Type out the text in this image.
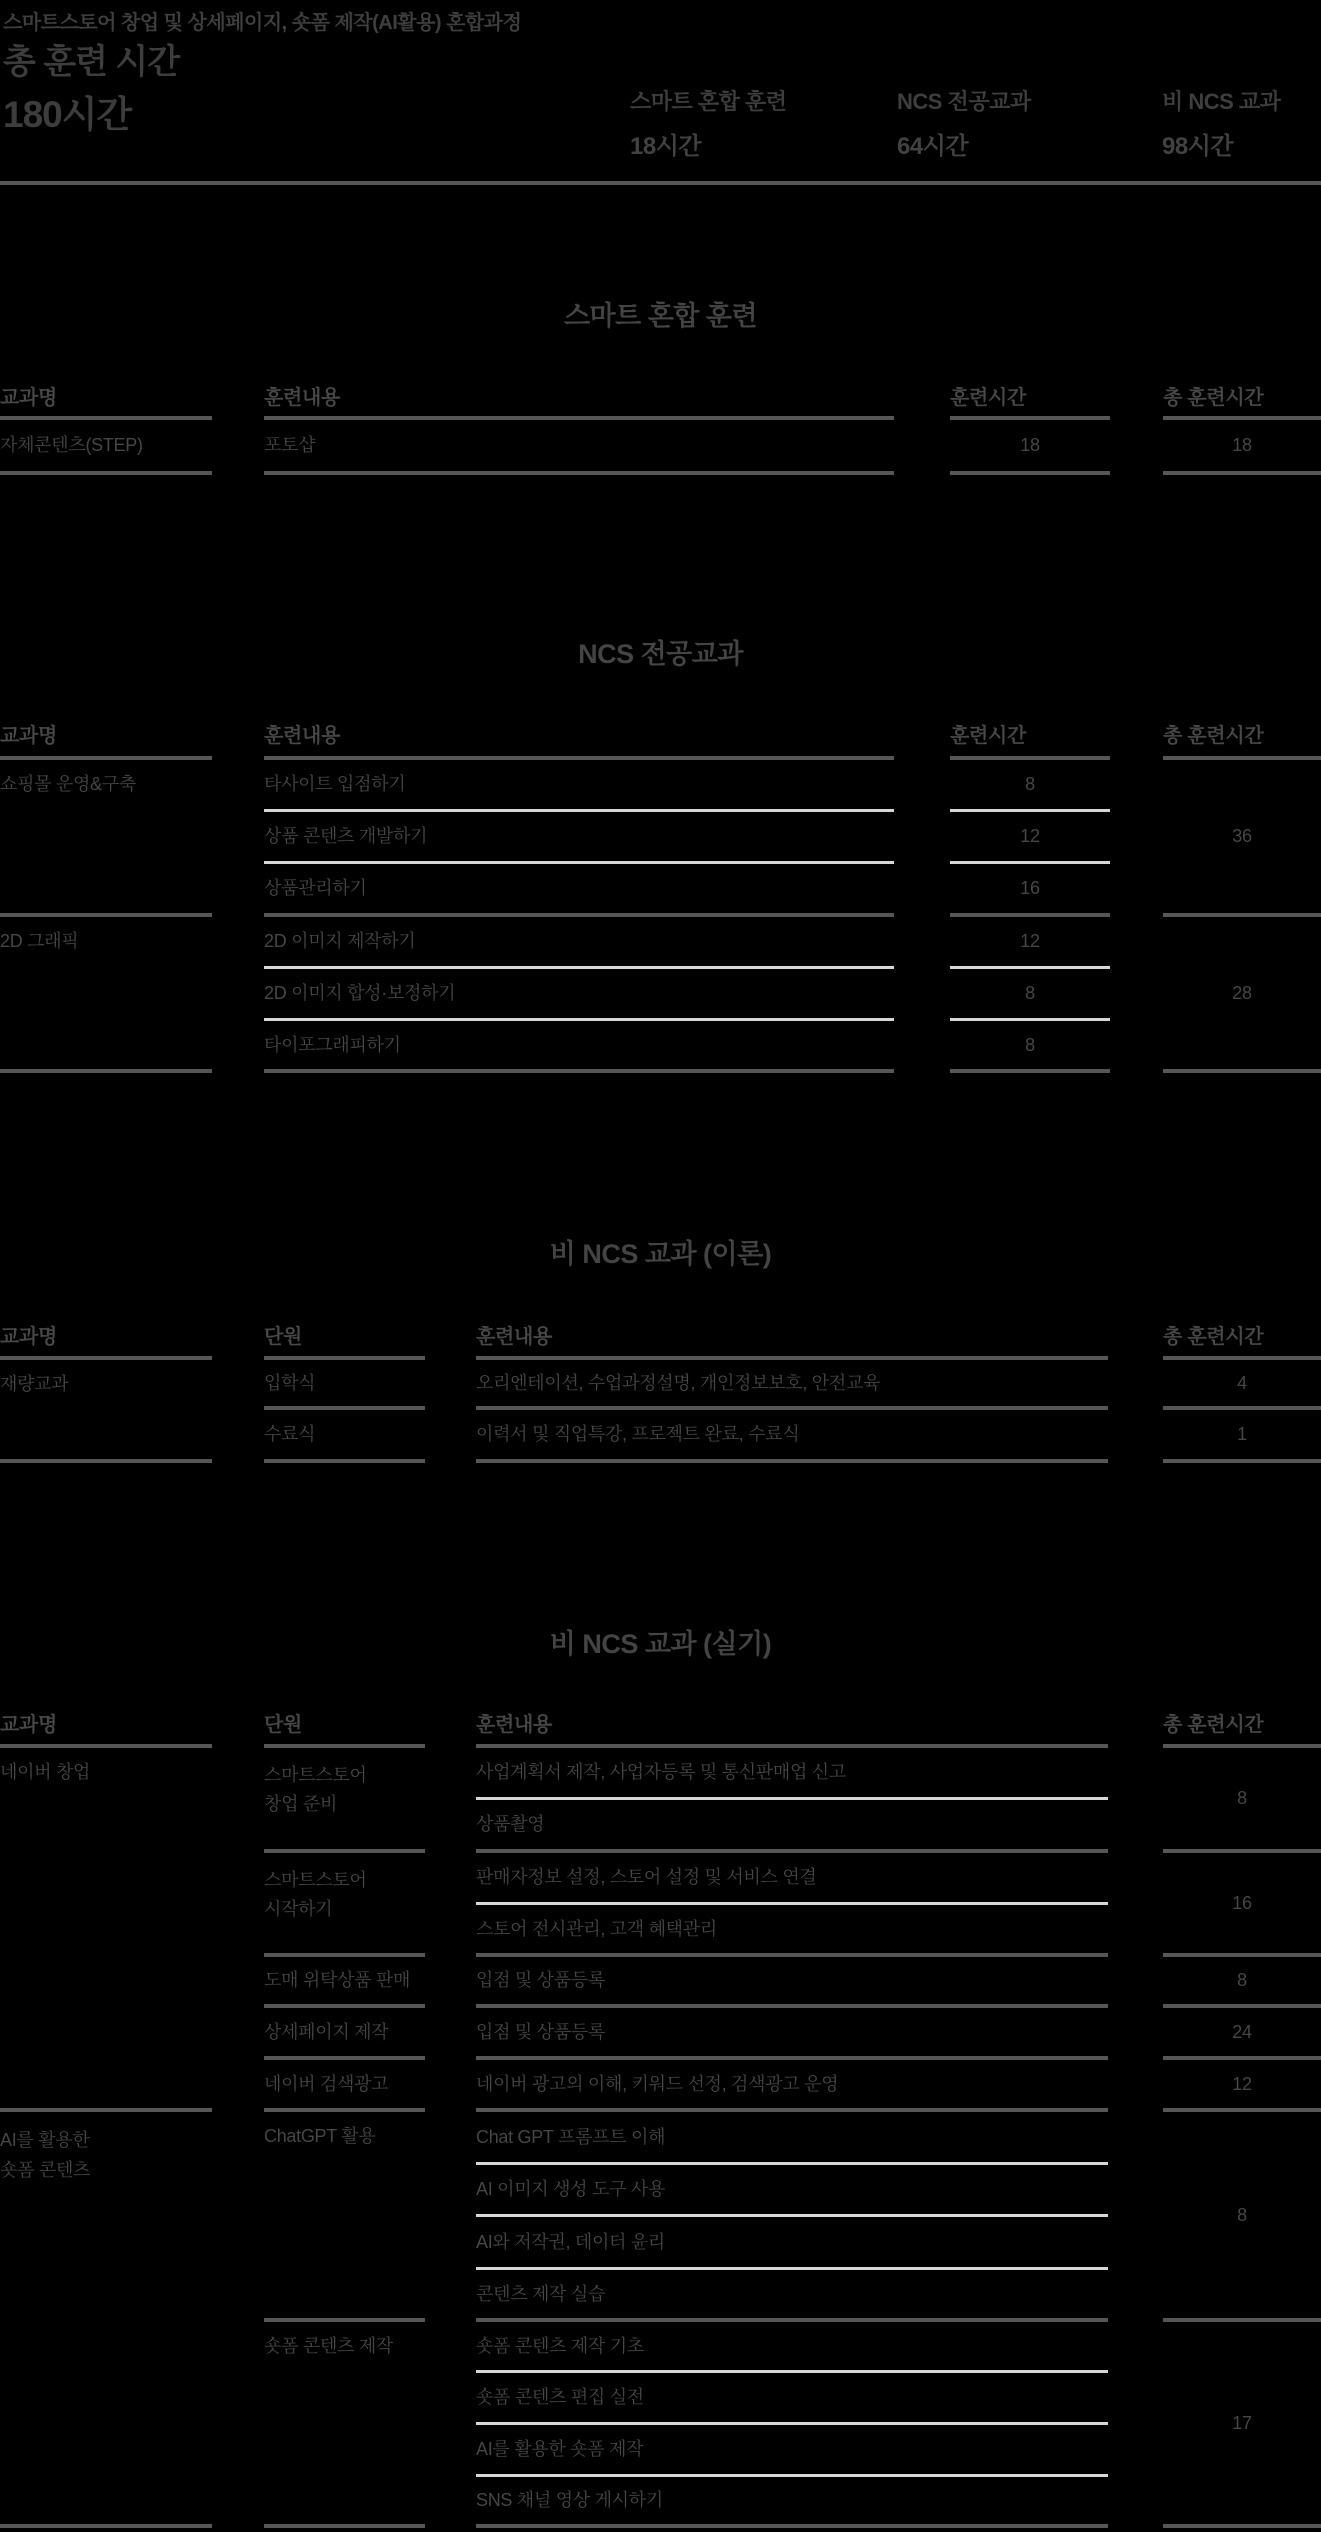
스마트스토어 창업 및 상세페이지, 숏폼 제작(AI활용) 혼합과정
총 훈련 시간
180시간	스마트 혼합 훈련
18시간
NCS 전공교과
64시간
비 NCS 교과
98시간
스마트 혼합 훈련
교과명
자체콘텐츠(STEP)
훈련내용
포토샵
훈련시간
18
총 훈련시간
18
NCS 전공교과
교과명
쇼핑몰 운영&구축
2D 그래픽
훈련내용
타사이트 입점하기
상품 콘텐츠 개발하기
상품관리하기
2D 이미지 제작하기
2D 이미지 합성·보정하기
타이포그래피하기
훈련시간
8
12
16
12
8
8
총 훈련시간
36
28
비 NCS 교과 (이론)
교과명
재량교과
단원
입학식
수료식
훈련내용
오리엔테이션, 수업과정설명, 개인정보보호, 안전교육
이력서 및 직업특강, 프로젝트 완료, 수료식
총 훈련시간
4
1
비 NCS 교과 (실기)
교과명
네이버 창업
AI를 활용한
숏폼 콘텐츠
단원
스마트스토어
창업 준비
스마트스토어
시작하기
도매 위탁상품 판매
상세페이지 제작
네이버 검색광고
ChatGPT 활용
숏폼 콘텐츠 제작
훈련내용
사업계획서 제작, 사업자등록 및 통신판매업 신고
상품촬영
판매자정보 설정, 스토어 설정 및 서비스 연결
스토어 전시관리, 고객 혜택관리
입점 및 상품등록
입점 및 상품등록
네이버 광고의 이해, 키워드 선정, 검색광고 운영
Chat GPT 프롬프트 이해
AI 이미지 생성 도구 사용
AI와 저작권, 데이터 윤리
콘텐츠 제작 실습
숏폼 콘텐츠 제작 기초
숏폼 콘텐츠 편집 실전
AI를 활용한 숏폼 제작
SNS 채널 영상 게시하기
총 훈련시간
8
16
8
24
12
8
17
